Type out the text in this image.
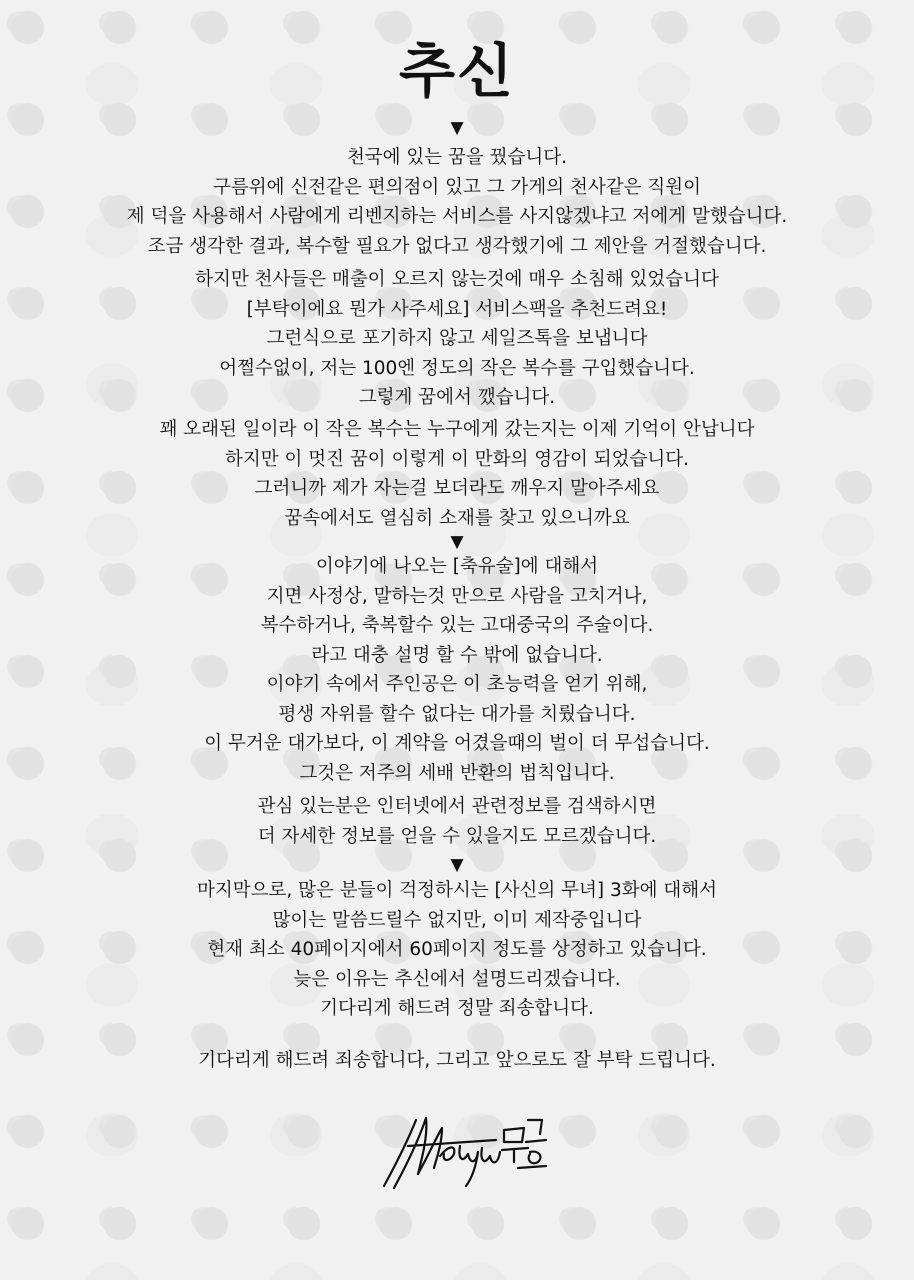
추신
▼
천국에 있는 꿈을 꿨습니다.
구름위에 신전같은 편의점이 있고 그 가게의 천사같은 직원이
제 덕을 사용해서 사람에게 리벤지하는 서비스를 사지않겠냐고 저에게 말했습니다.
조금 생각한 결과, 복수할 필요가 없다고 생각했기에 그 제안을 거절했습니다.
하지만 천사들은 매출이 오르지 않는것에 매우 소침해 있었습니다
[부탁이에요 뭔가 사주세요] 서비스팩을 추천드려요!
그런식으로 포기하지 않고 세일즈톡을 보냅니다
어쩔수없이, 저는 100엔 정도의 작은 복수를 구입했습니다.
그렇게 꿈에서 깼습니다.
꽤 오래된 일이라 이 작은 복수는 누구에게 갔는지는 이제 기억이 안납니다
하지만 이 멋진 꿈이 이렇게 이 만화의 영감이 되었습니다.
그러니까 제가 자는걸 보더라도 깨우지 말아주세요
꿈속에서도 열심히 소재를 찾고 있으니까요
▼
이야기에 나오는 [축유술]에 대해서
지면 사정상, 말하는것 만으로 사람을 고치거나,
복수하거나, 축복할수 있는 고대중국의 주술이다.
라고 대충 설명 할 수 밖에 없습니다.
이야기 속에서 주인공은 이 초능력을 얻기 위해,
평생 자위를 할수 없다는 대가를 치뤘습니다.
이 무거운 대가보다, 이 계약을 어겼을때의 벌이 더 무섭습니다.
그것은 저주의 세배 반환의 법칙입니다.
관심 있는분은 인터넷에서 관련정보를 검색하시면
더 자세한 정보를 얻을 수 있을지도 모르겠습니다.
▼
마지막으로, 많은 분들이 걱정하시는 [사신의 무녀] 3화에 대해서
많이는 말씀드릴수 없지만, 이미 제작중입니다
현재 최소 40페이지에서 60페이지 정도를 상정하고 있습니다.
늦은 이유는 추신에서 설명드리겠습니다.
기다리게 해드려 정말 죄송합니다.
기다리게 해드려 죄송합니다, 그리고 앞으로도 잘 부탁 드립니다.
